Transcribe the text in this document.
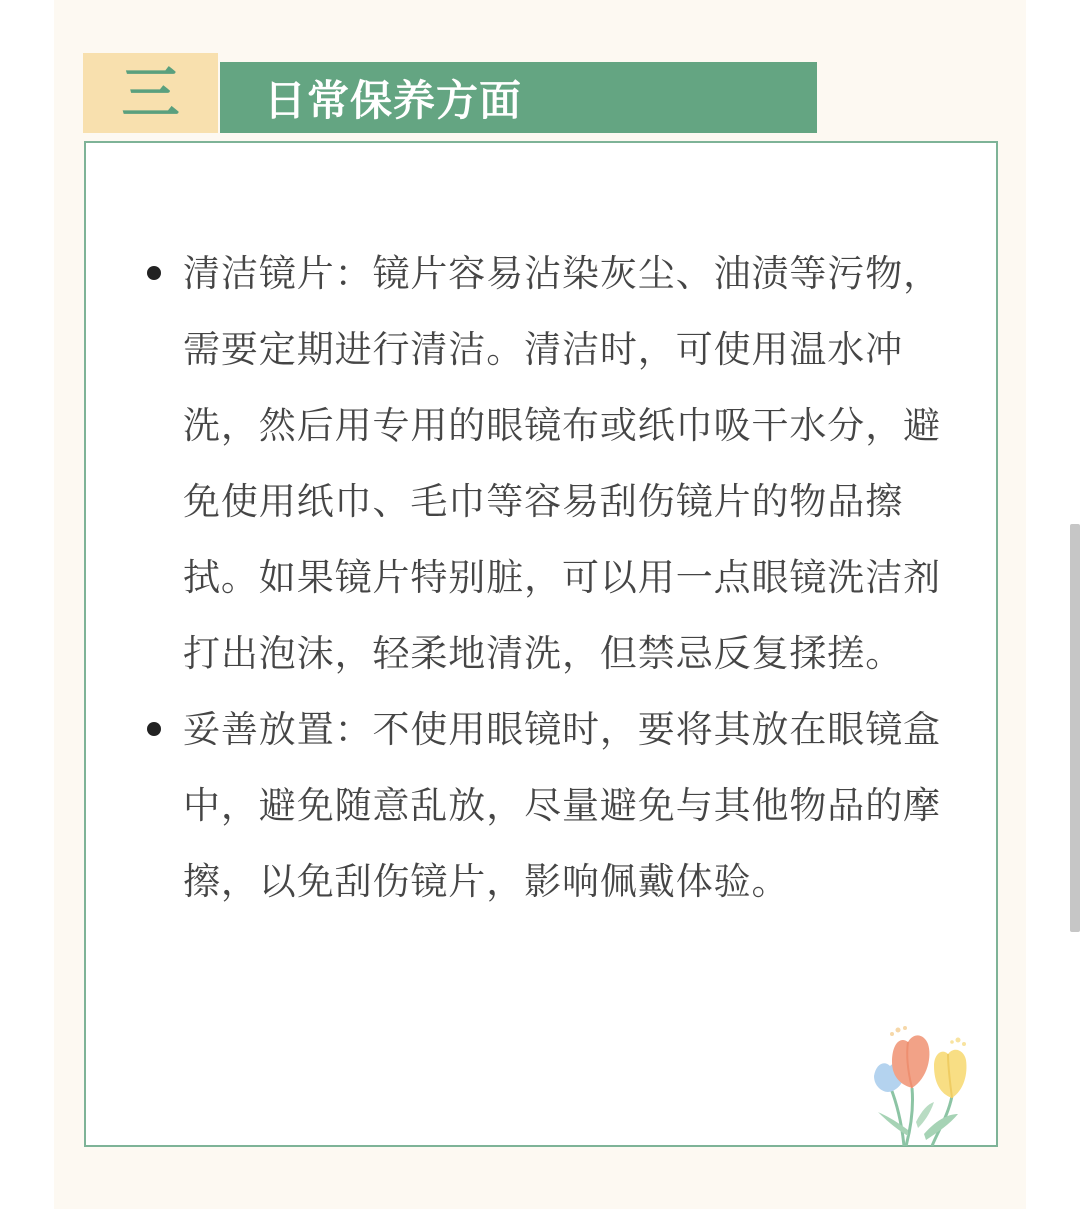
三 日常保养方面
清洁镜片：镜片容易沾染灰尘、油渍等污物，需要定期进行清洁。清洁时，可使用温水冲洗，然后用专用的眼镜布或纸巾吸干水分，避免使用纸巾、毛巾等容易刮伤镜片的物品擦拭。如果镜片特别脏，可以用一点眼镜洗洁剂打出泡沫，轻柔地清洗，但禁忌反复揉搓。
妥善放置：不使用眼镜时，要将其放在眼镜盒中，避免随意乱放，尽量避免与其他物品的摩擦，以免刮伤镜片，影响佩戴体验。
